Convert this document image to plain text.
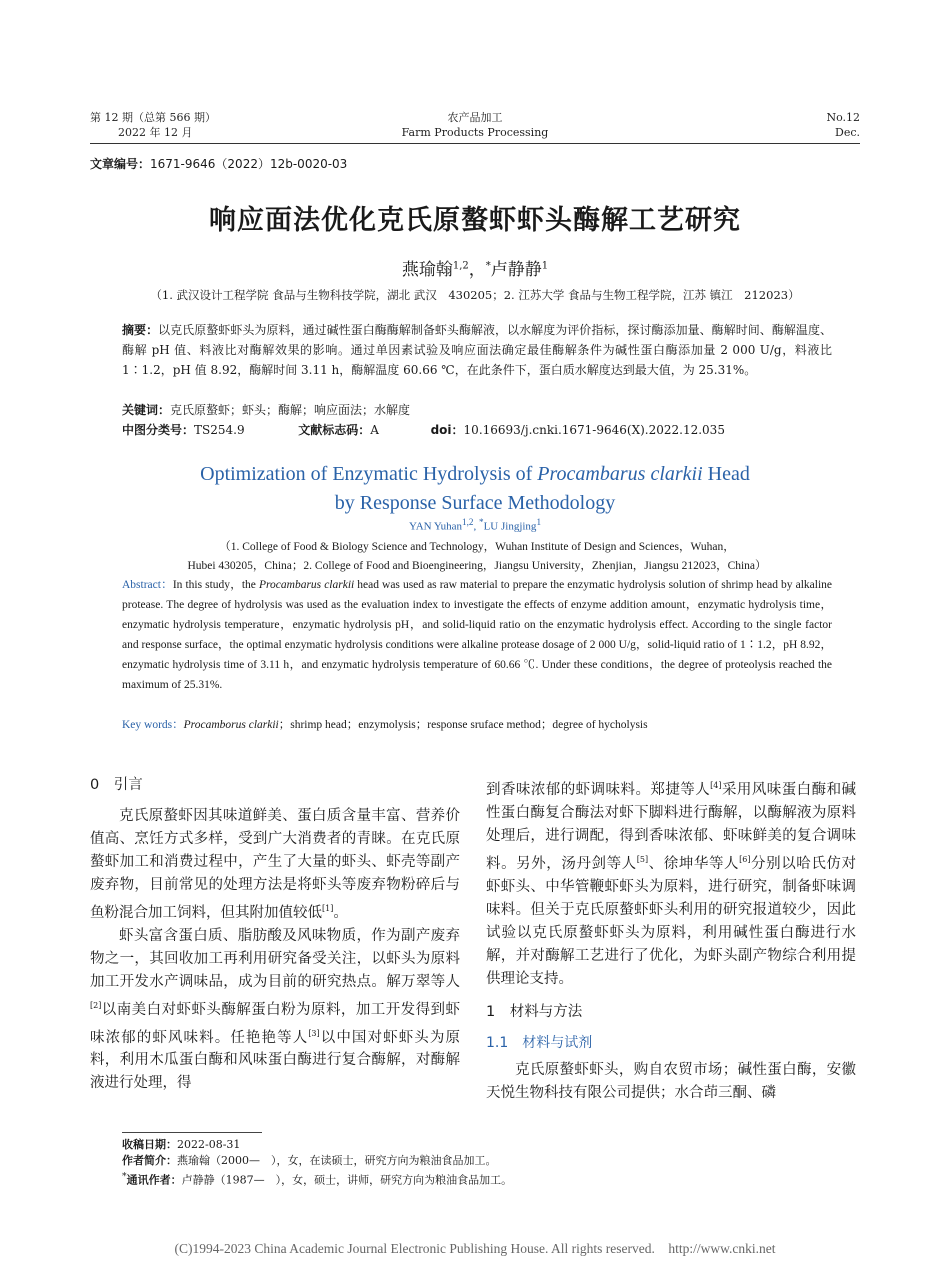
第 12 期（总第 566 期）
2022 年 12 月
农产品加工
Farm Products Processing
No.12
Dec.
文章编号：1671-9646（2022）12b-0020-03
响应面法优化克氏原螯虾虾头酶解工艺研究
燕瑜翰$^{1,2}$，*卢静静$^1$
（1. 武汉设计工程学院 食品与生物科技学院，湖北 武汉　430205；2. 江苏大学 食品与生物工程学院，江苏 镇江　212023）
摘要：以克氏原螯虾虾头为原料，通过碱性蛋白酶酶解制备虾头酶解液，以水解度为评价指标，探讨酶添加量、酶解时间、酶解温度、酶解 pH 值、料液比对酶解效果的影响。通过单因素试验及响应面法确定最佳酶解条件为碱性蛋白酶添加量 2 000 U/g，料液比 1∶1.2，pH 值 8.92，酶解时间 3.11 h，酶解温度 60.66 ℃，在此条件下，蛋白质水解度达到最大值，为 25.31%。
关键词：克氏原螯虾；虾头；酶解；响应面法；水解度
中图分类号：TS254.9	文献标志码：A	doi：10.16693/j.cnki.1671-9646(X).2022.12.035
Optimization of Enzymatic Hydrolysis of Procambarus clarkii Head
by Response Surface Methodology
YAN Yuhan$^{1,2}$, *LU Jingjing$^1$
（1. College of Food & Biology Science and Technology，Wuhan Institute of Design and Sciences，Wuhan，
Hubei 430205，China；2. College of Food and Bioengineering，Jiangsu University，Zhenjian，Jiangsu 212023，China）
Abstract：In this study，the Procambarus clarkii head was used as raw material to prepare the enzymatic hydrolysis solution of shrimp head by alkaline protease. The degree of hydrolysis was used as the evaluation index to investigate the effects of enzyme addition amount，enzymatic hydrolysis time，enzymatic hydrolysis temperature，enzymatic hydrolysis pH，and solid-liquid ratio on the enzymatic hydrolysis effect. According to the single factor and response surface，the optimal enzymatic hydrolysis conditions were alkaline protease dosage of 2 000 U/g，solid-liquid ratio of 1∶1.2，pH 8.92，enzymatic hydrolysis time of 3.11 h，and enzymatic hydrolysis temperature of 60.66 ℃. Under these conditions，the degree of proteolysis reached the maximum of 25.31%.
Key words：Procamborus clarkii；shrimp head；enzymolysis；response sruface method；degree of hycholysis
0　引言

克氏原螯虾因其味道鲜美、蛋白质含量丰富、营养价值高、烹饪方式多样，受到广大消费者的青睐。在克氏原螯虾加工和消费过程中，产生了大量的虾头、虾壳等副产废弃物，目前常见的处理方法是将虾头等废弃物粉碎后与鱼粉混合加工饲料，但其附加值较低[1]。

虾头富含蛋白质、脂肪酸及风味物质，作为副产废弃物之一，其回收加工再利用研究备受关注，以虾头为原料加工开发水产调味品，成为目前的研究热点。解万翠等人[2]以南美白对虾虾头酶解蛋白粉为原料，加工开发得到虾味浓郁的虾风味料。任艳艳等人[3]以中国对虾虾头为原料，利用木瓜蛋白酶和风味蛋白酶进行复合酶解，对酶解液进行处理，得

到香味浓郁的虾调味料。郑捷等人[4]采用风味蛋白酶和碱性蛋白酶复合酶法对虾下脚料进行酶解，以酶解液为原料处理后，进行调配，得到香味浓郁、虾味鲜美的复合调味料。另外，汤丹剑等人[5]、徐坤华等人[6]分别以哈氏仿对虾虾头、中华管鞭虾虾头为原料，进行研究，制备虾味调味料。但关于克氏原螯虾虾头利用的研究报道较少，因此试验以克氏原螯虾虾头为原料，利用碱性蛋白酶进行水解，并对酶解工艺进行了优化，为虾头副产物综合利用提供理论支持。

1　材料与方法
1.1　材料与试剂

克氏原螯虾虾头，购自农贸市场；碱性蛋白酶，安徽天悦生物科技有限公司提供；水合茚三酮、磷

收稿日期：2022-08-31
作者简介：燕瑜翰（2000—　），女，在读硕士，研究方向为粮油食品加工。
*通讯作者：卢静静（1987—　），女，硕士，讲师，研究方向为粮油食品加工。
(C)1994-2023 China Academic Journal Electronic Publishing House. All rights reserved.　http://www.cnki.net
